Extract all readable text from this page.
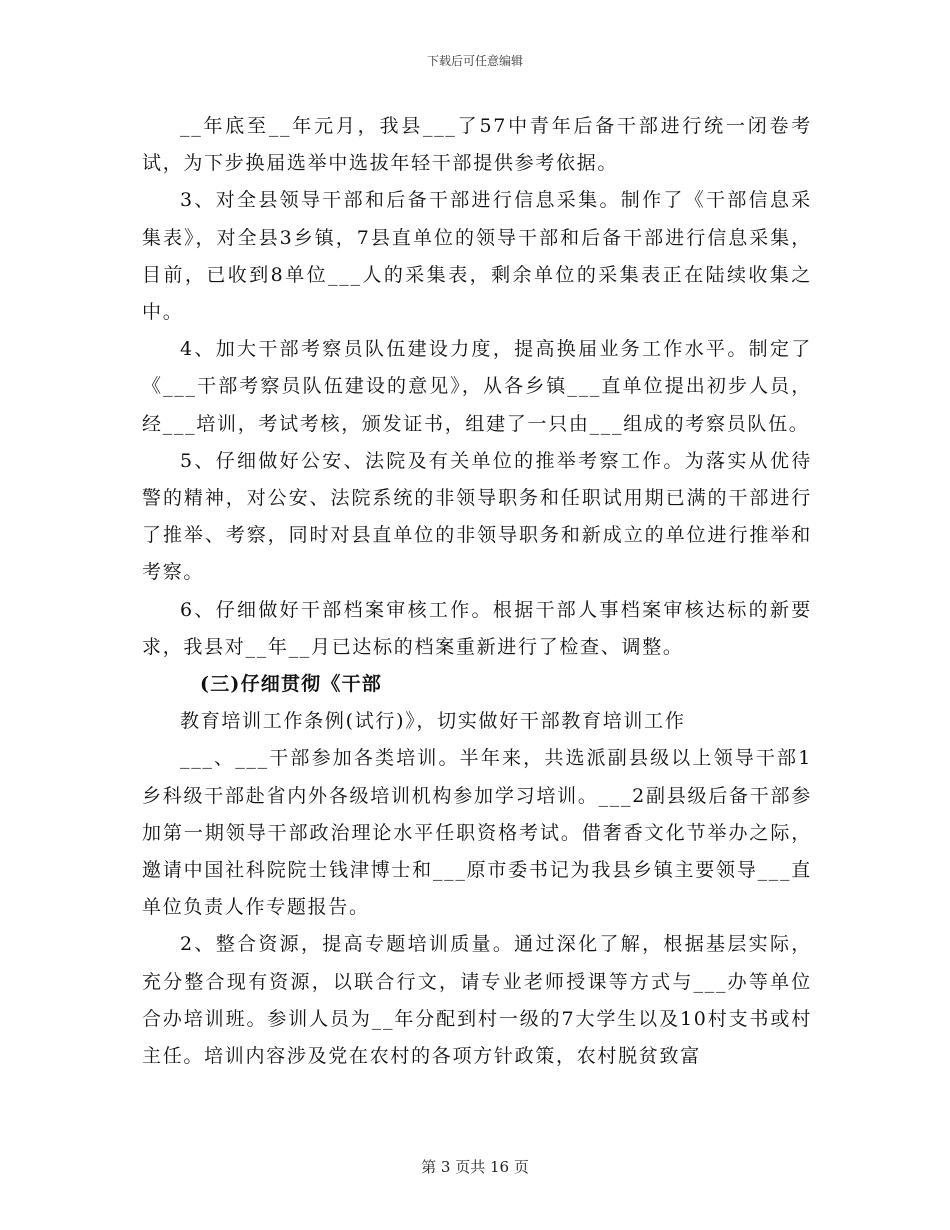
下载后可任意编辑

__年底至__年元月，我县___了57中青年后备干部进行统一闭卷考试，为下步换届选举中选拔年轻干部提供参考依据。

3、对全县领导干部和后备干部进行信息采集。制作了《干部信息采集表》，对全县3乡镇，7县直单位的领导干部和后备干部进行信息采集，目前，已收到8单位___人的采集表，剩余单位的采集表正在陆续收集之中。

4、加大干部考察员队伍建设力度，提高换届业务工作水平。制定了《___干部考察员队伍建设的意见》，从各乡镇___直单位提出初步人员，经___培训，考试考核，颁发证书，组建了一只由___组成的考察员队伍。

5、仔细做好公安、法院及有关单位的推举考察工作。为落实从优待警的精神，对公安、法院系统的非领导职务和任职试用期已满的干部进行了推举、考察，同时对县直单位的非领导职务和新成立的单位进行推举和考察。

6、仔细做好干部档案审核工作。根据干部人事档案审核达标的新要求，我县对__年__月已达标的档案重新进行了检查、调整。

(三)仔细贯彻《干部

教育培训工作条例(试行)》，切实做好干部教育培训工作

___、___干部参加各类培训。半年来，共选派副县级以上领导干部1乡科级干部赴省内外各级培训机构参加学习培训。___2副县级后备干部参加第一期领导干部政治理论水平任职资格考试。借奢香文化节举办之际，邀请中国社科院院士钱津博士和___原市委书记为我县乡镇主要领导___直单位负责人作专题报告。

2、整合资源，提高专题培训质量。通过深化了解，根据基层实际，充分整合现有资源，以联合行文，请专业老师授课等方式与___办等单位合办培训班。参训人员为__年分配到村一级的7大学生以及10村支书或村主任。培训内容涉及党在农村的各项方针政策，农村脱贫致富

第 3 页共 16 页
